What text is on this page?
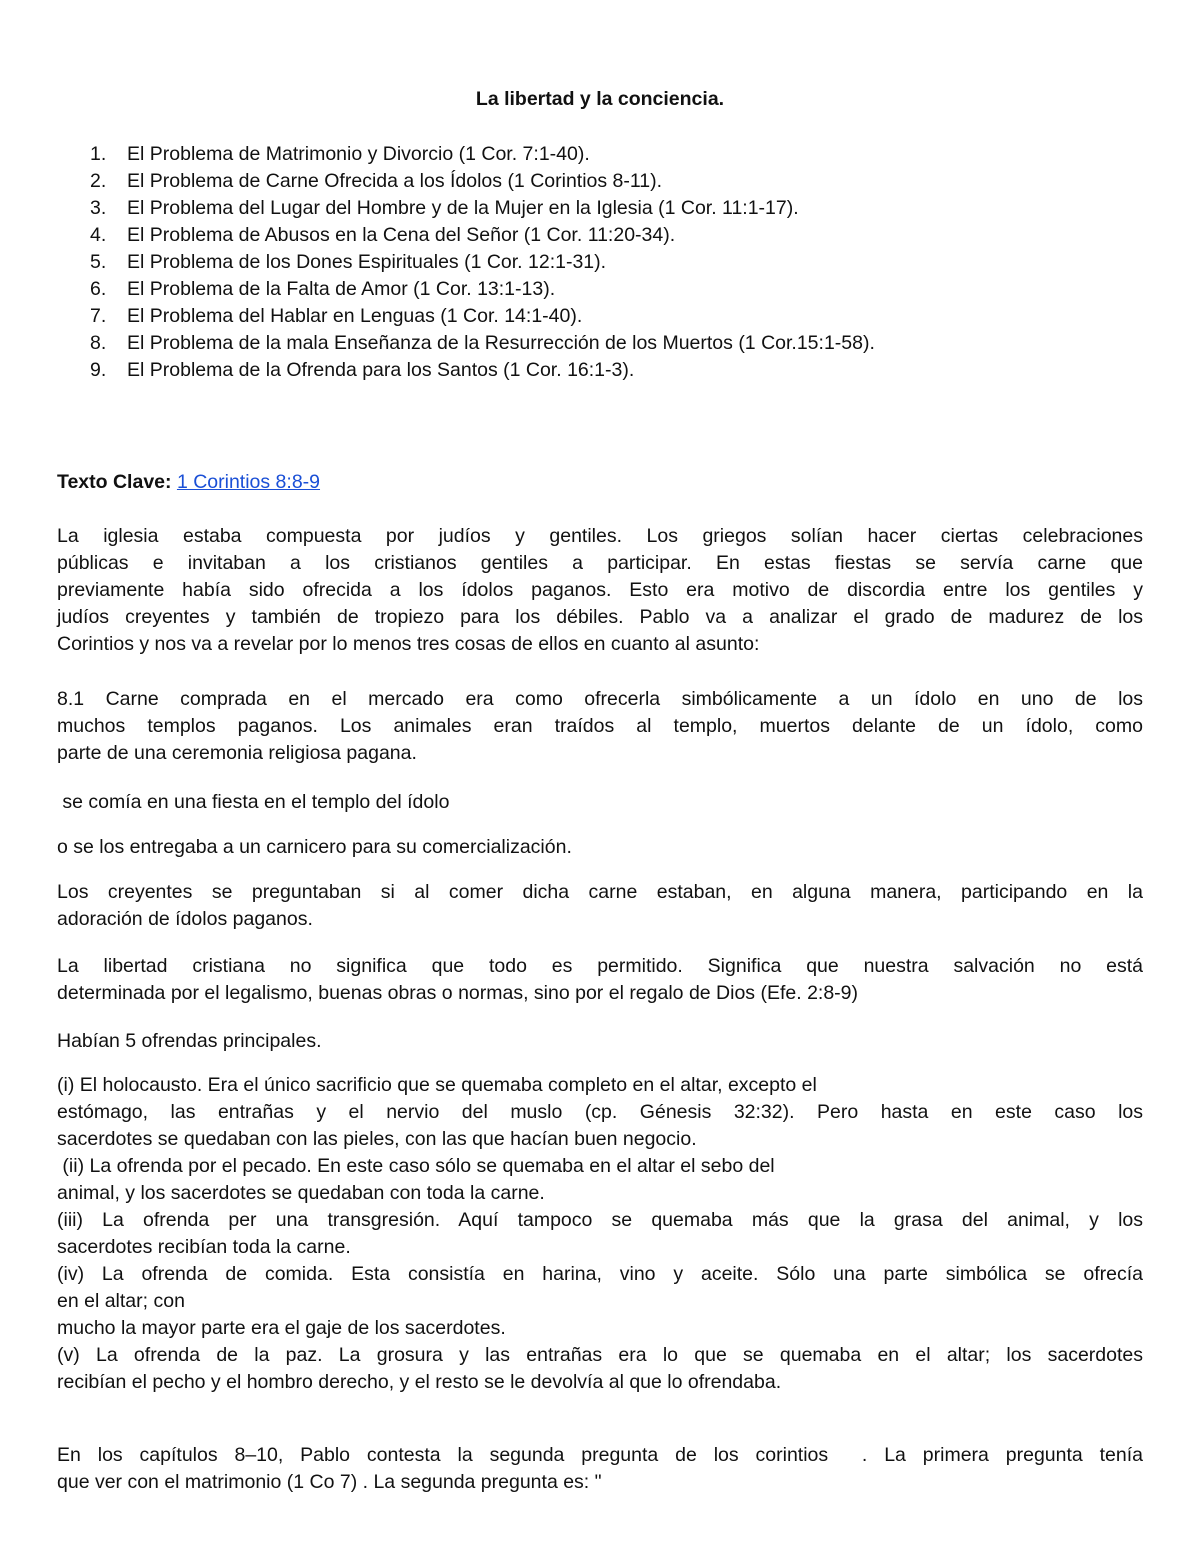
La libertad y la conciencia.
1. El Problema de Matrimonio y Divorcio (1 Cor. 7:1-40).
2. El Problema de Carne Ofrecida a los Ídolos (1 Corintios 8-11).
3. El Problema del Lugar del Hombre y de la Mujer en la Iglesia (1 Cor. 11:1-17).
4. El Problema de Abusos en la Cena del Señor (1 Cor. 11:20-34).
5. El Problema de los Dones Espirituales (1 Cor. 12:1-31).
6. El Problema de la Falta de Amor (1 Cor. 13:1-13).
7. El Problema del Hablar en Lenguas (1 Cor. 14:1-40).
8. El Problema de la mala Enseñanza de la Resurrección de los Muertos (1 Cor.15:1-58).
9. El Problema de la Ofrenda para los Santos (1 Cor. 16:1-3).
Texto Clave: 1 Corintios 8:8-9
La iglesia estaba compuesta por judíos y gentiles. Los griegos solían hacer ciertas celebraciones
públicas e invitaban a los cristianos gentiles a participar. En estas fiestas se servía carne que
previamente había sido ofrecida a los ídolos paganos. Esto era motivo de discordia entre los gentiles y
judíos creyentes y también de tropiezo para los débiles. Pablo va a analizar el grado de madurez de los
Corintios y nos va a revelar por lo menos tres cosas de ellos en cuanto al asunto:
8.1 Carne comprada en el mercado era como ofrecerla simbólicamente a un ídolo en uno de los
muchos templos paganos. Los animales eran traídos al templo, muertos delante de un ídolo, como
parte de una ceremonia religiosa pagana.
se comía en una fiesta en el templo del ídolo
o se los entregaba a un carnicero para su comercialización.
Los creyentes se preguntaban si al comer dicha carne estaban, en alguna manera, participando en la
adoración de ídolos paganos.
La libertad cristiana no significa que todo es permitido. Significa que nuestra salvación no está
determinada por el legalismo, buenas obras o normas, sino por el regalo de Dios (Efe. 2:8-9)
Habían 5 ofrendas principales.
(i) El holocausto. Era el único sacrificio que se quemaba completo en el altar, excepto el
estómago, las entrañas y el nervio del muslo (cp. Génesis 32:32). Pero hasta en este caso los
sacerdotes se quedaban con las pieles, con las que hacían buen negocio.
(ii) La ofrenda por el pecado. En este caso sólo se quemaba en el altar el sebo del
animal, y los sacerdotes se quedaban con toda la carne.
(iii) La ofrenda per una transgresión. Aquí tampoco se quemaba más que la grasa del animal, y los
sacerdotes recibían toda la carne.
(iv) La ofrenda de comida. Esta consistía en harina, vino y aceite. Sólo una parte simbólica se ofrecía
en el altar; con
mucho la mayor parte era el gaje de los sacerdotes.
(v) La ofrenda de la paz. La grosura y las entrañas era lo que se quemaba en el altar; los sacerdotes
recibían el pecho y el hombro derecho, y el resto se le devolvía al que lo ofrendaba.
En los capítulos 8–10, Pablo contesta la segunda pregunta de los corintios  . La primera pregunta tenía
que ver con el matrimonio (1 Co 7) . La segunda pregunta es: "
